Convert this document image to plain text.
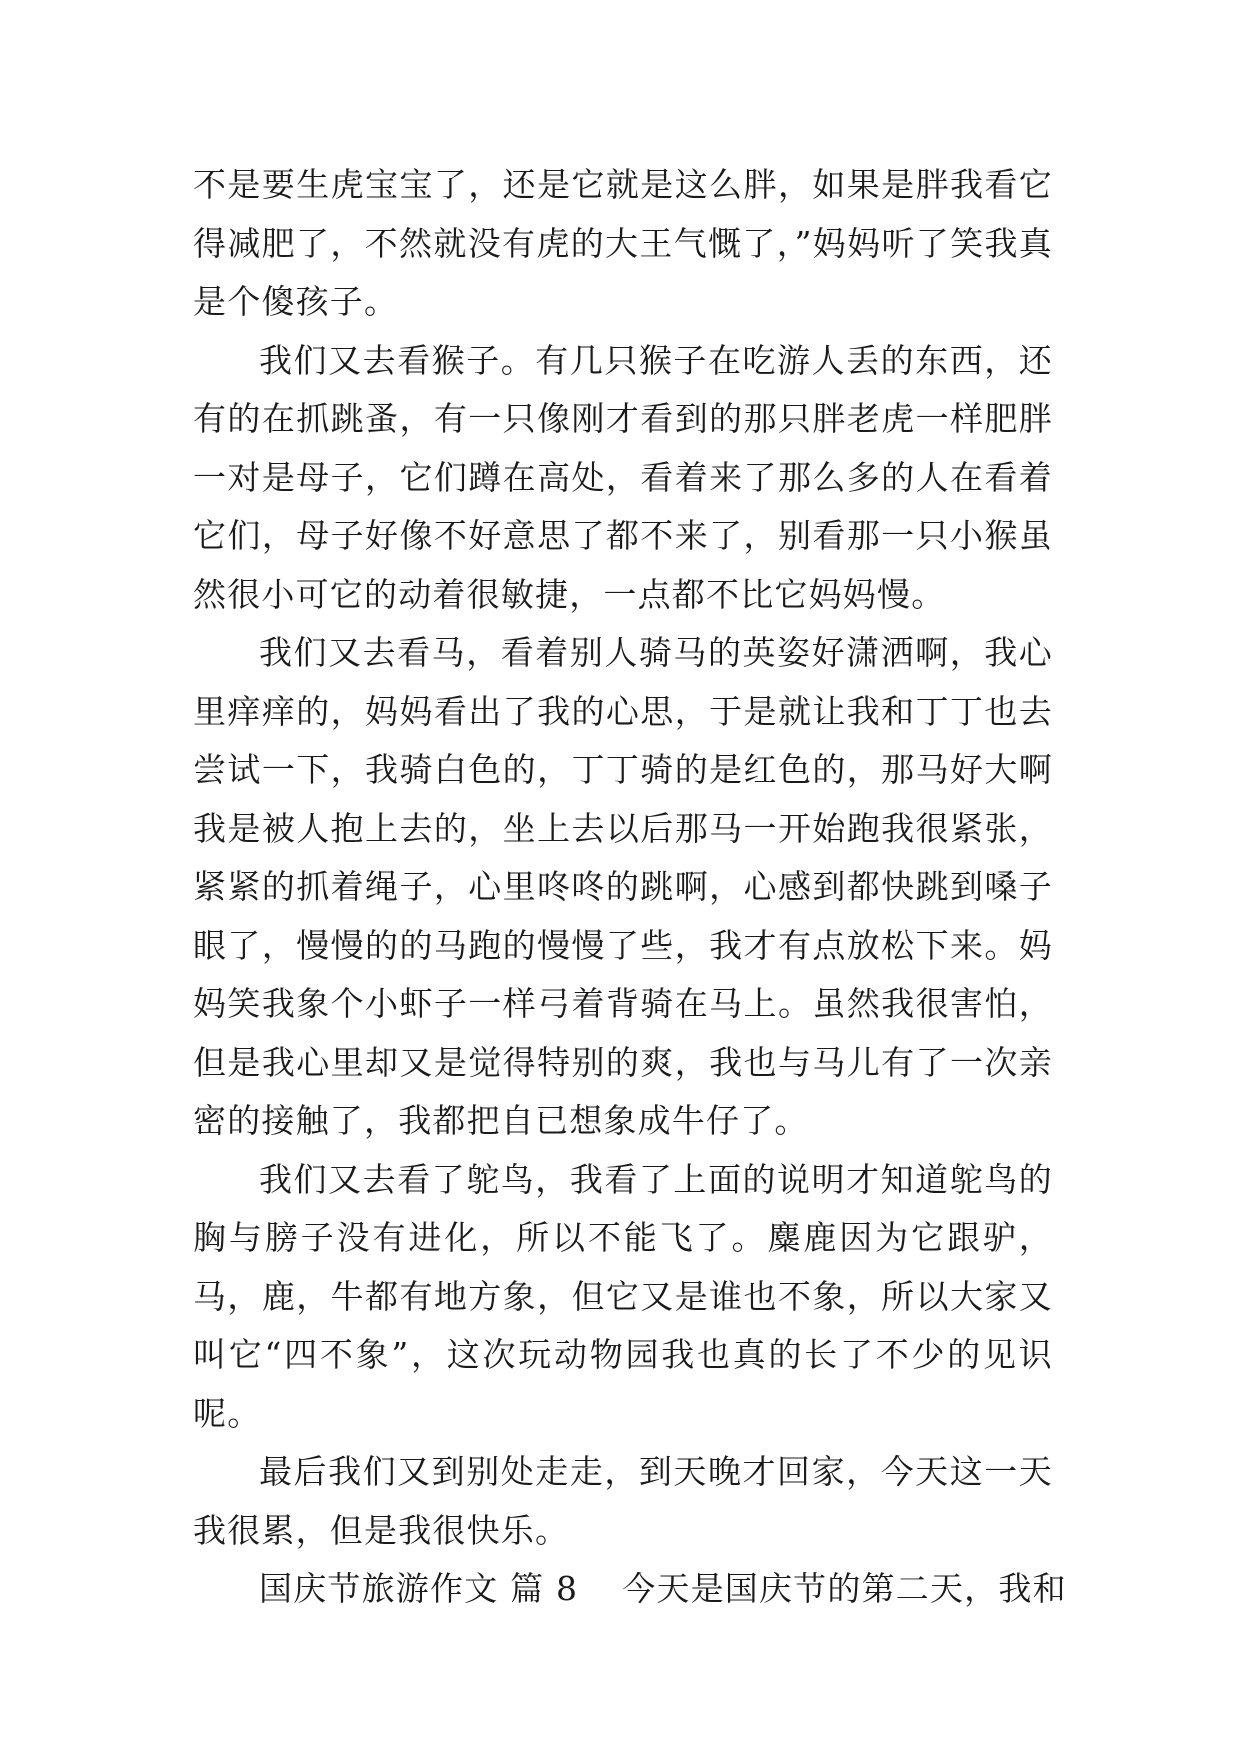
不是要生虎宝宝了，还是它就是这么胖，如果是胖我看它得减肥了，不然就没有虎的大王气慨了，”妈妈听了笑我真是个傻孩子。

我们又去看猴子。有几只猴子在吃游人丢的东西，还有的在抓跳蚤，有一只像刚才看到的那只胖老虎一样肥胖一对是母子，它们蹲在高处，看着来了那么多的人在看着它们，母子好像不好意思了都不来了，别看那一只小猴虽然很小可它的动着很敏捷，一点都不比它妈妈慢。

我们又去看马，看着别人骑马的英姿好潇洒啊，我心里痒痒的，妈妈看出了我的心思，于是就让我和丁丁也去尝试一下，我骑白色的，丁丁骑的是红色的，那马好大啊我是被人抱上去的，坐上去以后那马一开始跑我很紧张，紧紧的抓着绳子，心里咚咚的跳啊，心感到都快跳到嗓子眼了，慢慢的的马跑的慢慢了些，我才有点放松下来。妈妈笑我象个小虾子一样弓着背骑在马上。虽然我很害怕，但是我心里却又是觉得特别的爽，我也与马儿有了一次亲密的接触了，我都把自已想象成牛仔了。

我们又去看了鸵鸟，我看了上面的说明才知道鸵鸟的胸与膀子没有进化，所以不能飞了。麋鹿因为它跟驴，马，鹿，牛都有地方象，但它又是谁也不象，所以大家又叫它“四不象”，这次玩动物园我也真的长了不少的见识呢。

最后我们又到别处走走，到天晚才回家，今天这一天我很累，但是我很快乐。

国庆节旅游作文 篇 8 今天是国庆节的第二天，我和
